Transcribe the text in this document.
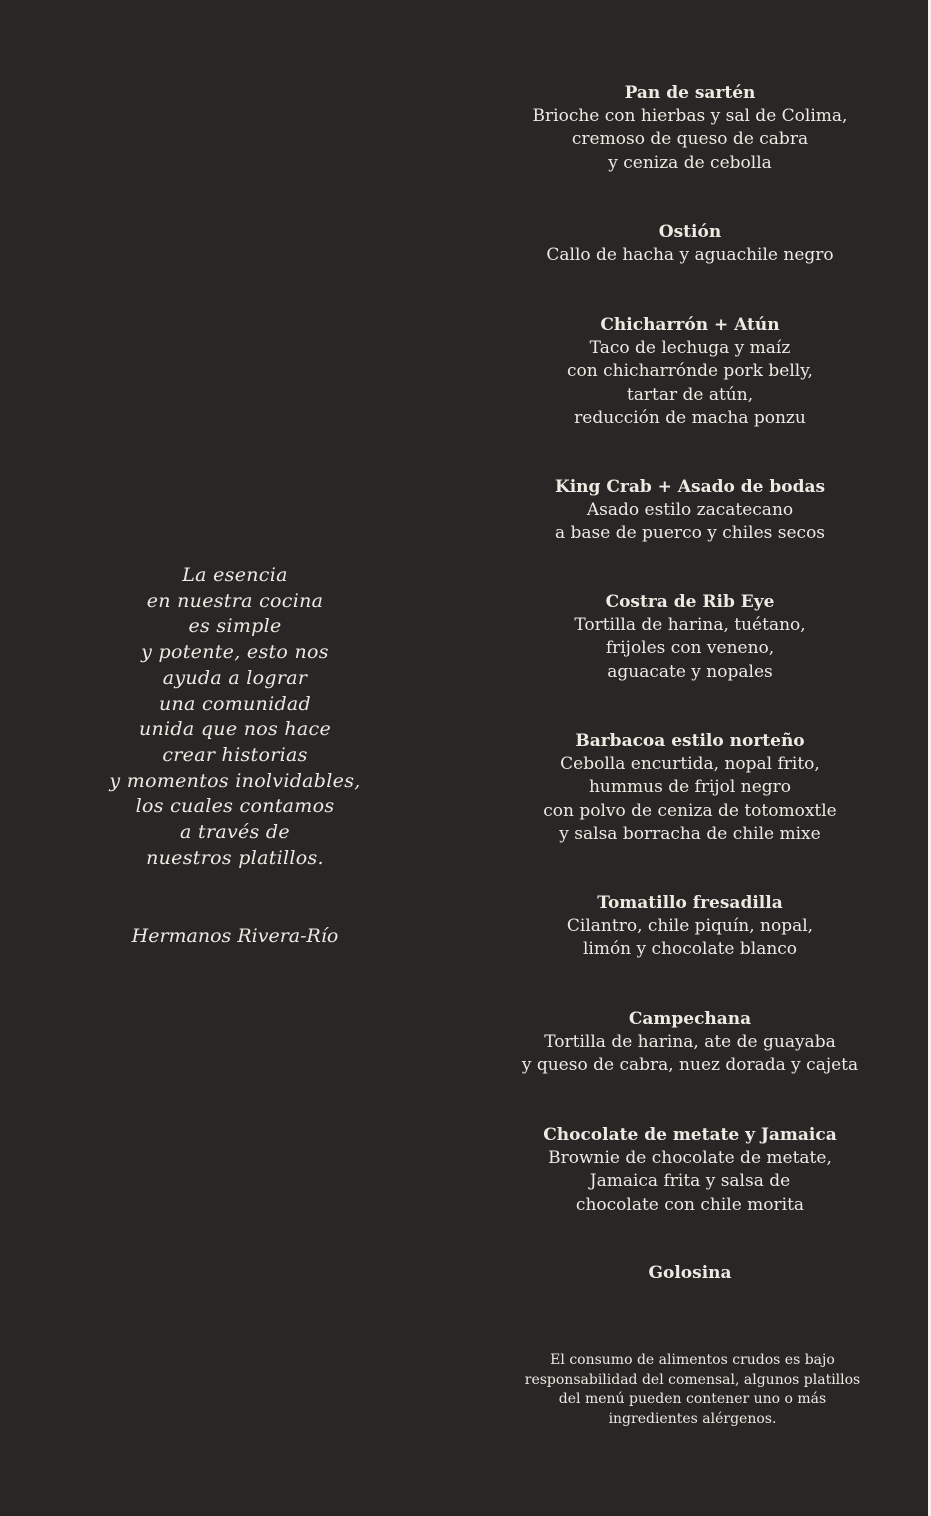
La esencia
en nuestra cocina
es simple
y potente, esto nos
ayuda a lograr
una comunidad
unida que nos hace
crear historias
y momentos inolvidables,
los cuales contamos
a través de
nuestros platillos.
Hermanos Rivera-Río
Pan de sartén
Brioche con hierbas y sal de Colima,
cremoso de queso de cabra
y ceniza de cebolla
Ostión
Callo de hacha y aguachile negro
Chicharrón + Atún
Taco de lechuga y maíz
con chicharrónde pork belly,
tartar de atún,
reducción de macha ponzu
King Crab + Asado de bodas
Asado estilo zacatecano
a base de puerco y chiles secos
Costra de Rib Eye
Tortilla de harina, tuétano,
frijoles con veneno,
aguacate y nopales
Barbacoa estilo norteño
Cebolla encurtida, nopal frito,
hummus de frijol negro
con polvo de ceniza de totomoxtle
y salsa borracha de chile mixe
Tomatillo fresadilla
Cilantro, chile piquín, nopal,
limón y chocolate blanco
Campechana
Tortilla de harina, ate de guayaba
y queso de cabra, nuez dorada y cajeta
Chocolate de metate y Jamaica
Brownie de chocolate de metate,
Jamaica frita y salsa de
chocolate con chile morita
Golosina
El consumo de alimentos crudos es bajo
responsabilidad del comensal, algunos platillos
del menú pueden contener uno o más
ingredientes alérgenos.
